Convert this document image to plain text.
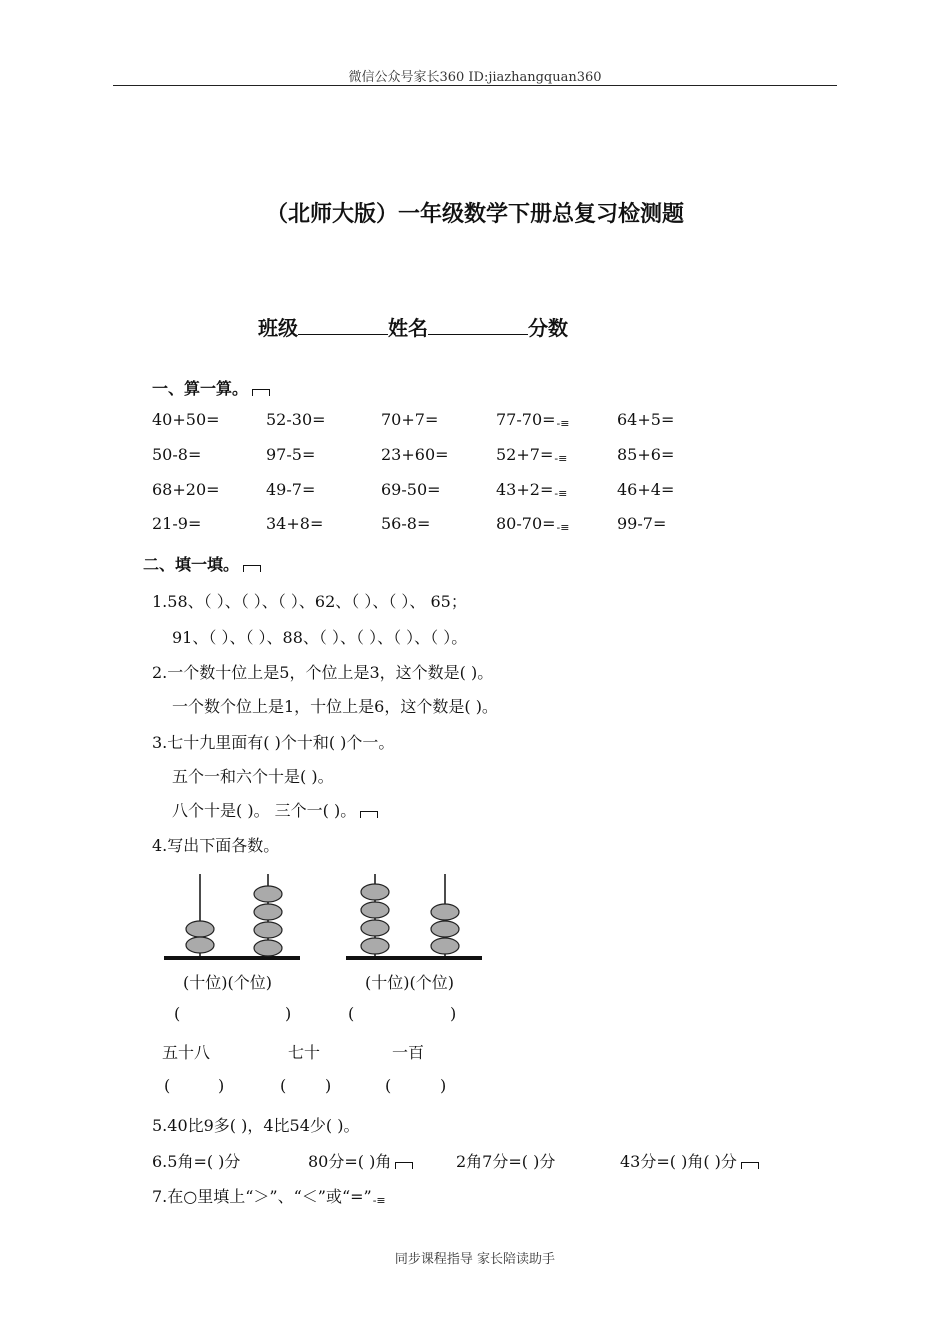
微信公众号家长360 ID:jiazhangquan360
（北师大版）一年级数学下册总复习检测题
班级	姓名	分数
一、算一算。
40+50=	52-30=	70+7=	77-70=-≡	64+5=
50-8=	97-5=	23+60=	52+7=-≡	85+6=
68+20=	49-7=	69-50=	43+2=-≡	46+4=
21-9=	34+8=	56-8=	80-70=-≡	99-7=
二、填一填。
1.58、（ ）、（ ）、（ ）、62、（ ）、（ ）、 65；
91、（ ）、（ ）、88、（ ）、（ ）、（ ）、（ ）。
2.一个数十位上是5，个位上是3，这个数是( )。
一个数个位上是1，十位上是6，这个数是( )。
3.七十九里面有( )个十和( )个一。
五个一和六个十是( )。
八个十是( )。 三个一( )。
4.写出下面各数。
(十位)(个位)	(十位)(个位)
(	)	(	)
五十八	七十	一百
(	)	( )	(	)
5.40比9多( )，4比54少( )。
6.5角=( )分	80分=( )角	2角7分=( )分	43分=( )角( )分
7.在○里填上“＞”、“＜”或“=”-≡
同步课程指导 家长陪读助手
